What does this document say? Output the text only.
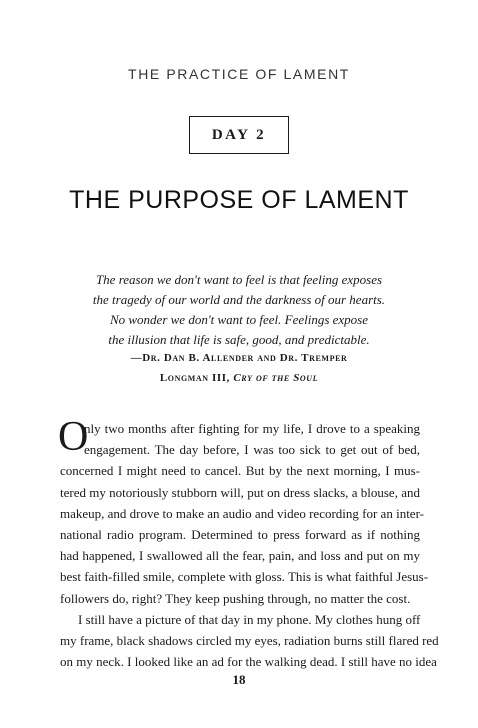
THE PRACTICE OF LAMENT
DAY 2
THE PURPOSE OF LAMENT
The reason we don't want to feel is that feeling exposes
the tragedy of our world and the darkness of our hearts.
No wonder we don't want to feel. Feelings expose
the illusion that life is safe, good, and predictable.
—Dr. Dan B. Allender and Dr. Tremper
Longman III, Cry of the Soul
O
nly two months after fighting for my life, I drove to a speaking
engagement. The day before, I was too sick to get out of bed,
concerned I might need to cancel. But by the next morning, I mus-
tered my notoriously stubborn will, put on dress slacks, a blouse, and
makeup, and drove to make an audio and video recording for an inter-
national radio program. Determined to press forward as if nothing
had happened, I swallowed all the fear, pain, and loss and put on my
best faith-filled smile, complete with gloss. This is what faithful Jesus-
followers do, right? They keep pushing through, no matter the cost.
I still have a picture of that day in my phone. My clothes hung off
my frame, black shadows circled my eyes, radiation burns still flared red
on my neck. I looked like an ad for the walking dead. I still have no idea
18
